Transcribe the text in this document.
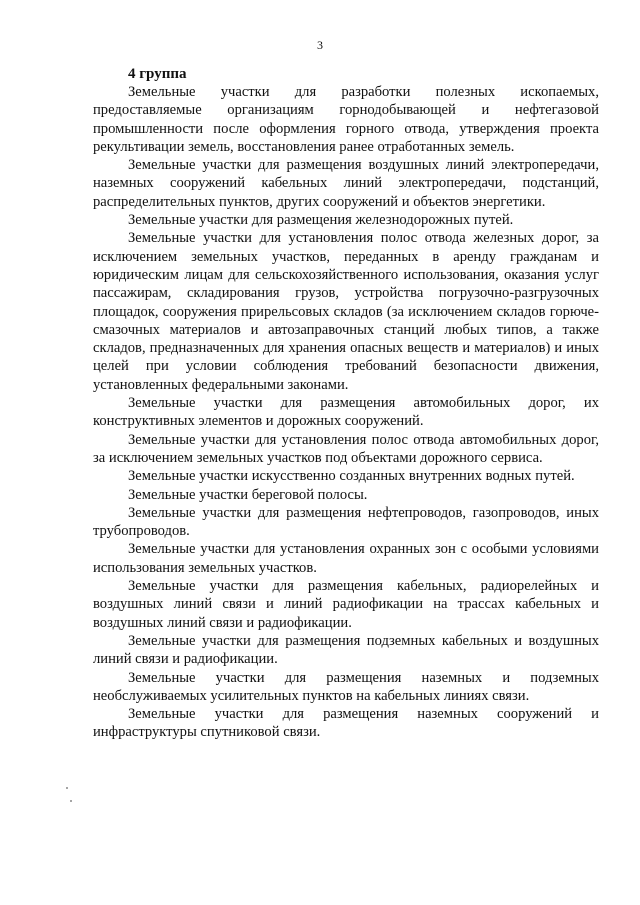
3

4 группа

Земельные участки для разработки полезных ископаемых, предоставляемые организациям горнодобывающей и нефтегазовой промышленности после оформления горного отвода, утверждения проекта рекультивации земель, восстановления ранее отработанных земель.

Земельные участки для размещения воздушных линий электропередачи, наземных сооружений кабельных линий электропередачи, подстанций, распределительных пунктов, других сооружений и объектов энергетики.

Земельные участки для размещения железнодорожных путей.

Земельные участки для установления полос отвода железных дорог, за исключением земельных участков, переданных в аренду гражданам и юридическим лицам для сельскохозяйственного использования, оказания услуг пассажирам, складирования грузов, устройства погрузочно-разгрузочных площадок, сооружения прирельсовых складов (за исключением складов горюче-смазочных материалов и автозаправочных станций любых типов, а также складов, предназначенных для хранения опасных веществ и материалов) и иных целей при условии соблюдения требований безопасности движения, установленных федеральными законами.

Земельные участки для размещения автомобильных дорог, их конструктивных элементов и дорожных сооружений.

Земельные участки для установления полос отвода автомобильных дорог, за исключением земельных участков под объектами дорожного сервиса.

Земельные участки искусственно созданных внутренних водных путей.

Земельные участки береговой полосы.

Земельные участки для размещения нефтепроводов, газопроводов, иных трубопроводов.

Земельные участки для установления охранных зон с особыми условиями использования земельных участков.

Земельные участки для размещения кабельных, радиорелейных и воздушных линий связи и линий радиофикации на трассах кабельных и воздушных линий связи и радиофикации.

Земельные участки для размещения подземных кабельных и воздушных линий связи и радиофикации.

Земельные участки для размещения наземных и подземных необслуживаемых усилительных пунктов на кабельных линиях связи.

Земельные участки для размещения наземных сооружений и инфраструктуры спутниковой связи.
